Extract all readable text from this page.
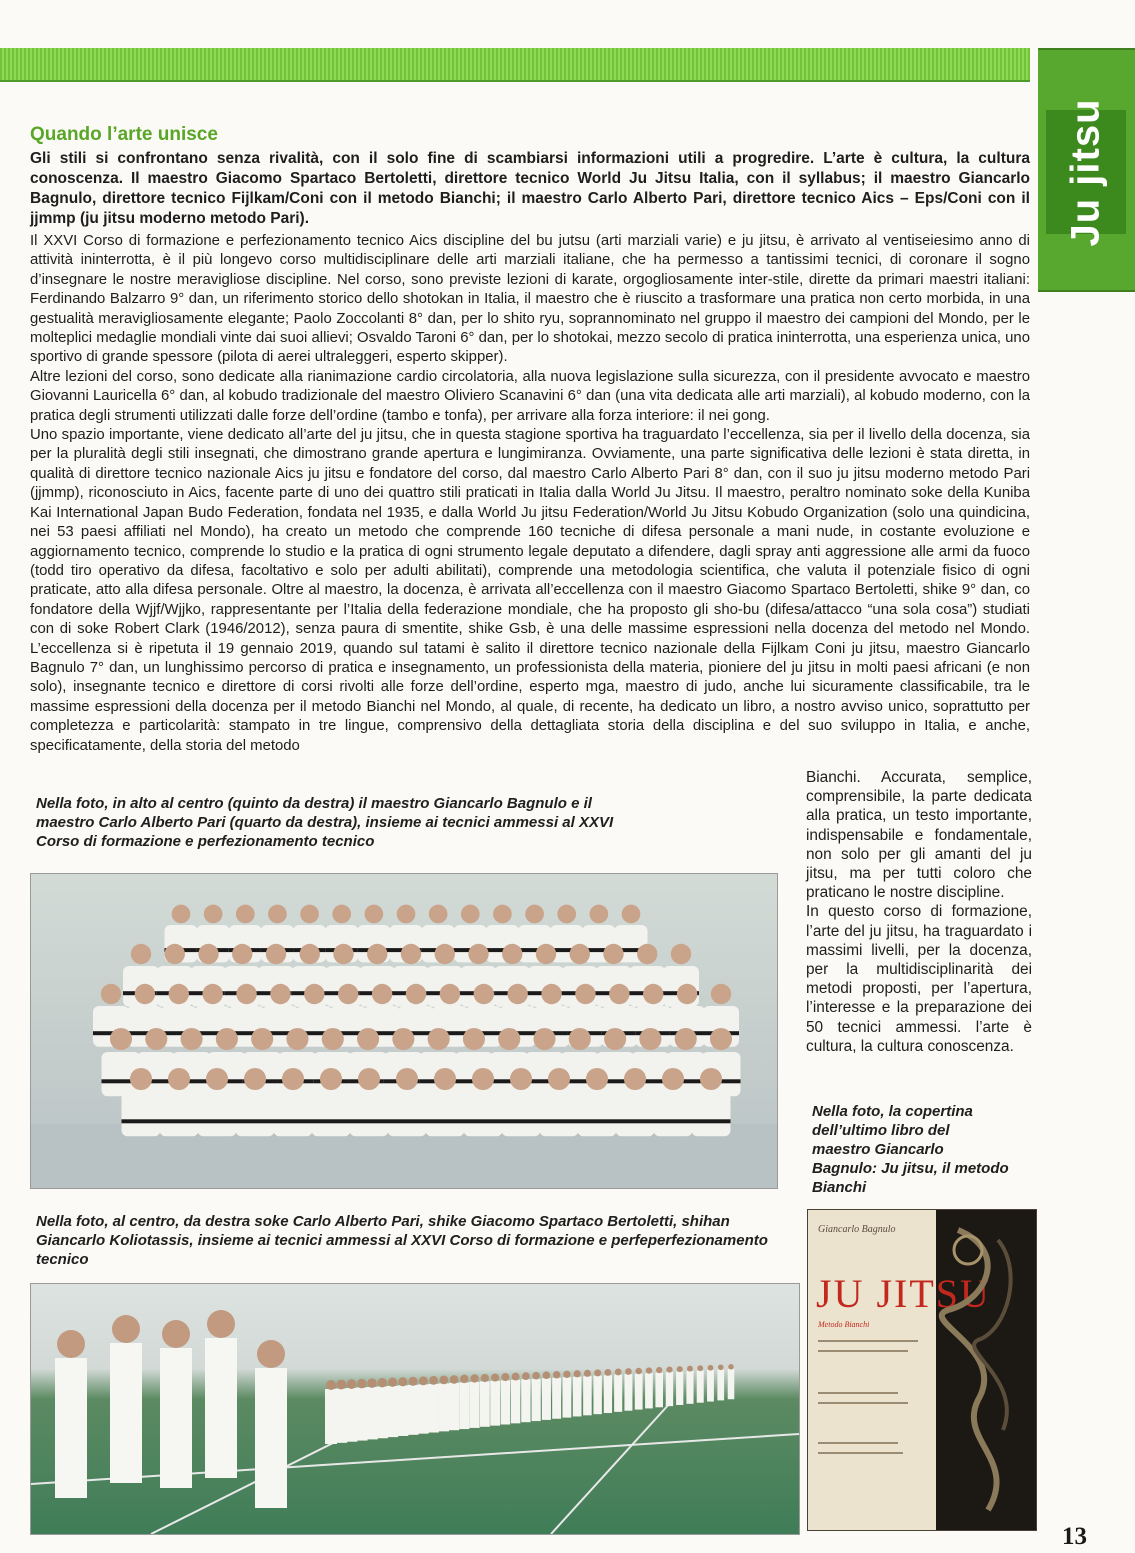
Ju jitsu
Quando l’arte unisce
Gli stili si confrontano senza rivalità, con il solo fine di scambiarsi informazioni utili a progredire. L’arte è cultura, la cultura conoscenza. Il maestro Giacomo Spartaco Bertoletti, direttore tecnico World Ju Jitsu Italia, con il syllabus; il maestro Giancarlo Bagnulo, direttore tecnico Fijlkam/Coni con il metodo Bianchi; il maestro Carlo Alberto Pari, direttore tecnico Aics – Eps/Coni con il jjmmp (ju jitsu moderno metodo Pari).

Il XXVI Corso di formazione e perfezionamento tecnico Aics discipline del bu jutsu (arti marziali varie) e ju jitsu, è arrivato al ventiseiesimo anno di attività ininterrotta, è il più longevo corso multidisciplinare delle arti marziali italiane, che ha permesso a tantissimi tecnici, di coronare il sogno d’insegnare le nostre meravigliose discipline. Nel corso, sono previste lezioni di karate, orgogliosamente inter-stile, dirette da primari maestri italiani: Ferdinando Balzarro 9° dan, un riferimento storico dello shotokan in Italia, il maestro che è riuscito a trasformare una pratica non certo morbida, in una gestualità meravigliosamente elegante; Paolo Zoccolanti 8° dan, per lo shito ryu, soprannominato nel gruppo il maestro dei campioni del Mondo, per le molteplici medaglie mondiali vinte dai suoi allievi; Osvaldo Taroni 6° dan, per lo shotokai, mezzo secolo di pratica ininterrotta, una esperienza unica, uno sportivo di grande spessore (pilota di aerei ultraleggeri, esperto skipper).

Altre lezioni del corso, sono dedicate alla rianimazione cardio circolatoria, alla nuova legislazione sulla sicurezza, con il presidente avvocato e maestro Giovanni Lauricella 6° dan, al kobudo tradizionale del maestro Oliviero Scanavini 6° dan (una vita dedicata alle arti marziali), al kobudo moderno, con la pratica degli strumenti utilizzati dalle forze dell’ordine (tambo e tonfa), per arrivare alla forza interiore: il nei gong.

Uno spazio importante, viene dedicato all’arte del ju jitsu, che in questa stagione sportiva ha traguardato l’eccellenza, sia per il livello della docenza, sia per la pluralità degli stili insegnati, che dimostrano grande apertura e lungimiranza. Ovviamente, una parte significativa delle lezioni è stata diretta, in qualità di direttore tecnico nazionale Aics ju jitsu e fondatore del corso, dal maestro Carlo Alberto Pari 8° dan, con il suo ju jitsu moderno metodo Pari (jjmmp), riconosciuto in Aics, facente parte di uno dei quattro stili praticati in Italia dalla World Ju Jitsu. Il maestro, peraltro nominato soke della Kuniba Kai International Japan Budo Federation, fondata nel 1935, e dalla World Ju jitsu Federation/World Ju Jitsu Kobudo Organization (solo una quindicina, nei 53 paesi affiliati nel Mondo), ha creato un metodo che comprende 160 tecniche di difesa personale a mani nude, in costante evoluzione e aggiornamento tecnico, comprende lo studio e la pratica di ogni strumento legale deputato a difendere, dagli spray anti aggressione alle armi da fuoco (todd tiro operativo da difesa, facoltativo e solo per adulti abilitati), comprende una metodologia scientifica, che valuta il potenziale fisico di ogni praticate, atto alla difesa personale. Oltre al maestro, la docenza, è arrivata all’eccellenza con il maestro Giacomo Spartaco Bertoletti, shike 9° dan, co fondatore della Wjjf/Wjjko, rappresentante per l’Italia della federazione mondiale, che ha proposto gli sho-bu (difesa/attacco “una sola cosa”) studiati con di soke Robert Clark (1946/2012), senza paura di smentite, shike Gsb, è una delle massime espressioni nella docenza del metodo nel Mondo. L’eccellenza si è ripetuta il 19 gennaio 2019, quando sul tatami è salito il direttore tecnico nazionale della Fijlkam Coni ju jitsu, maestro Giancarlo Bagnulo 7° dan, un lunghissimo percorso di pratica e insegnamento, un professionista della materia, pioniere del ju jitsu in molti paesi africani (e non solo), insegnante tecnico e direttore di corsi rivolti alle forze dell’ordine, esperto mga, maestro di judo, anche lui sicuramente classificabile, tra le massime espressioni della docenza per il metodo Bianchi nel Mondo, al quale, di recente, ha dedicato un libro, a nostro avviso unico, soprattutto per completezza e particolarità: stampato in tre lingue, comprensivo della dettagliata storia della disciplina e del suo sviluppo in Italia, e anche, specificatamente, della storia del metodo

Bianchi. Accurata, semplice, comprensibile, la parte dedicata alla pratica, un testo importante, indispensabile e fondamentale, non solo per gli amanti del ju jitsu, ma per tutti coloro che praticano le nostre discipline.

In questo corso di formazione, l’arte del ju jitsu, ha traguardato i massimi livelli, per la docenza, per la multidisciplinarità dei metodi proposti, per l’apertura, l’interesse e la preparazione dei 50 tecnici ammessi. l’arte è cultura, la cultura conoscenza.

Nella foto, in alto al centro (quinto da destra) il maestro Giancarlo Bagnulo e il maestro Carlo Alberto Pari (quarto da destra), insieme ai tecnici ammessi al XXVI Corso di formazione e perfezionamento tecnico
Nella foto, al centro, da destra soke Carlo Alberto Pari, shike Giacomo Spartaco Bertoletti, shihan Giancarlo Koliotassis, insieme ai tecnici ammessi al XXVI Corso di formazione e perfeperfezionamento tecnico
Nella foto, la copertina dell’ultimo libro del maestro Giancarlo Bagnulo: Ju jitsu, il metodo Bianchi
Giancarlo Bagnulo
JU JITSU
Metodo Bianchi
13
